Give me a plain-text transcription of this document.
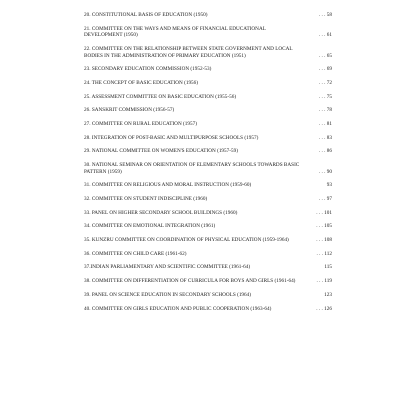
20. CONSTITUTIONAL BASIS OF EDUCATION (1950)	. . . 58
21. COMMITTEE ON THE WAYS AND MEANS OF FINANCIAL EDUCATIONAL DEVELOPMENT (1950)	. . . 61
22. COMMITTEE ON THE RELATIONSHIP BETWEEN STATE GOVERNMENT AND LOCAL BODIES IN THE ADMINISTRATION OF PRIMARY EDUCATION (1951)	. . . 65
23. SECONDARY EDUCATION COMMISSION (1952-53)	. . . 69
24. THE CONCEPT OF BASIC EDUCATION (1956)	. . . 72
25. ASSESSMENT COMMITTEE ON BASIC EDUCATION (1955-56)	. . . 75
26. SANSKRIT COMMISSION (1956-57)	. . . 78
27. COMMITTEE ON RURAL EDUCATION (1957)	. . . 81
28. INTEGRATION OF POST-BASIC AND MULTIPURPOSE SCHOOLS (1957)	. . . 83
29. NATIONAL COMMITTEE ON WOMEN'S EDUCATION (1957-59)	. . . 86
30. NATIONAL SEMINAR ON ORIENTATION OF ELEMENTARY SCHOOLS TOWARDS BASIC PATTERN (1959)	. . . 90
31. COMMITTEE ON RELIGIOUS AND MORAL INSTRUCTION (1959-60)	93
32. COMMITTEE ON STUDENT INDISCIPLINE (1960)	. . . 97
33. PANEL ON HIGHER SECONDARY SCHOOL BUILDINGS (1960)	. . . 101
34. COMMITTEE ON EMOTIONAL INTEGRATION (1961)	. . . 105
35. KUNZRU COMMITTEE ON COORDINATION OF PHYSICAL EDUCATION (1959-1964)	. . . 108
36. COMMITTEE ON CHILD CARE (1961-62)	. . . 112
37.INDIAN PARLIAMENTARY AND SCIENTIFIC COMMITTEE (1961-64)	115
38. COMMITTEE ON DIFFERENTIATION OF CURRICULA FOR BOYS AND GIRLS (1961-64)	. . . 119
39. PANEL ON SCIENCE EDUCATION IN SECONDARY SCHOOLS (1964)	123
40. COMMITTEE ON GIRLS EDUCATION AND PUBLIC COOPERATION (1963-64)	. . . 126
